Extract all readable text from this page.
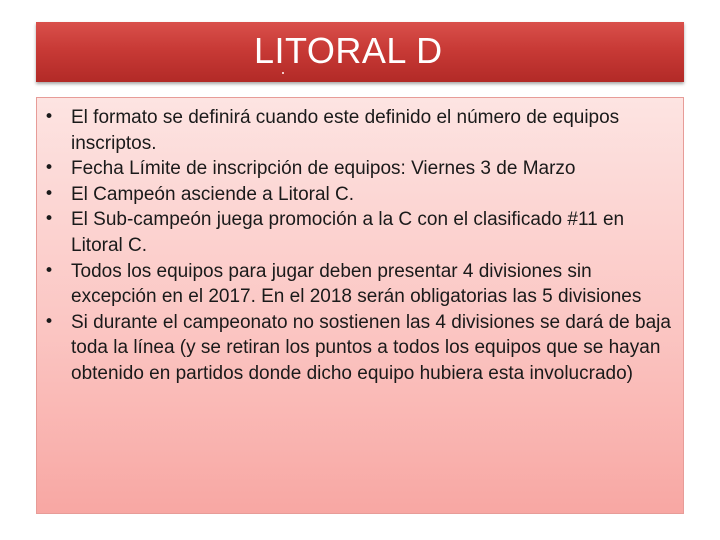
LITORAL D
• El formato se definirá cuando este definido el número de equipos inscriptos.
• Fecha Límite de inscripción de equipos: Viernes 3 de Marzo
• El Campeón asciende a Litoral C.
• El Sub-campeón juega promoción a la C con el clasificado #11 en Litoral C.
• Todos los equipos para jugar deben presentar 4 divisiones sin excepción en el 2017. En el 2018 serán obligatorias las 5 divisiones
• Si durante el campeonato no sostienen las 4 divisiones se dará de baja toda la línea (y se retiran los puntos a todos los equipos que se hayan obtenido en partidos donde dicho equipo hubiera esta involucrado)
